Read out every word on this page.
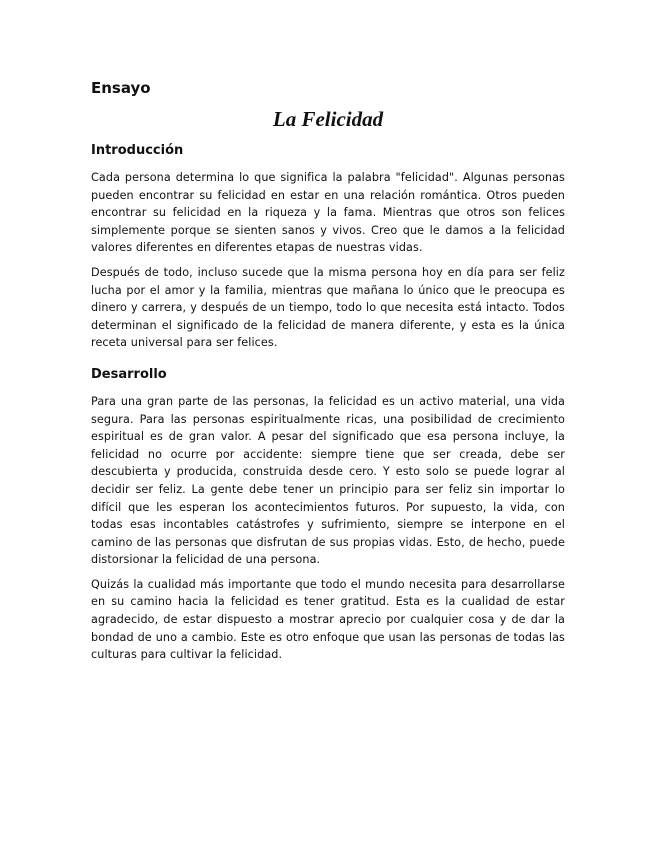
Ensayo
La Felicidad
Introducción

Cada persona determina lo que significa la palabra "felicidad". Algunas personas pueden encontrar su felicidad en estar en una relación romántica. Otros pueden encontrar su felicidad en la riqueza y la fama. Mientras que otros son felices simplemente porque se sienten sanos y vivos. Creo que le damos a la felicidad valores diferentes en diferentes etapas de nuestras vidas.

Después de todo, incluso sucede que la misma persona hoy en día para ser feliz lucha por el amor y la familia, mientras que mañana lo único que le preocupa es dinero y carrera, y después de un tiempo, todo lo que necesita está intacto. Todos determinan el significado de la felicidad de manera diferente, y esta es la única receta universal para ser felices.

Desarrollo

Para una gran parte de las personas, la felicidad es un activo material, una vida segura. Para las personas espiritualmente ricas, una posibilidad de crecimiento espiritual es de gran valor. A pesar del significado que esa persona incluye, la felicidad no ocurre por accidente: siempre tiene que ser creada, debe ser descubierta y producida, construida desde cero. Y esto solo se puede lograr al decidir ser feliz. La gente debe tener un principio para ser feliz sin importar lo difícil que les esperan los acontecimientos futuros. Por supuesto, la vida, con todas esas incontables catástrofes y sufrimiento, siempre se interpone en el camino de las personas que disfrutan de sus propias vidas. Esto, de hecho, puede distorsionar la felicidad de una persona.

Quizás la cualidad más importante que todo el mundo necesita para desarrollarse en su camino hacia la felicidad es tener gratitud. Esta es la cualidad de estar agradecido, de estar dispuesto a mostrar aprecio por cualquier cosa y de dar la bondad de uno a cambio. Este es otro enfoque que usan las personas de todas las culturas para cultivar la felicidad.
